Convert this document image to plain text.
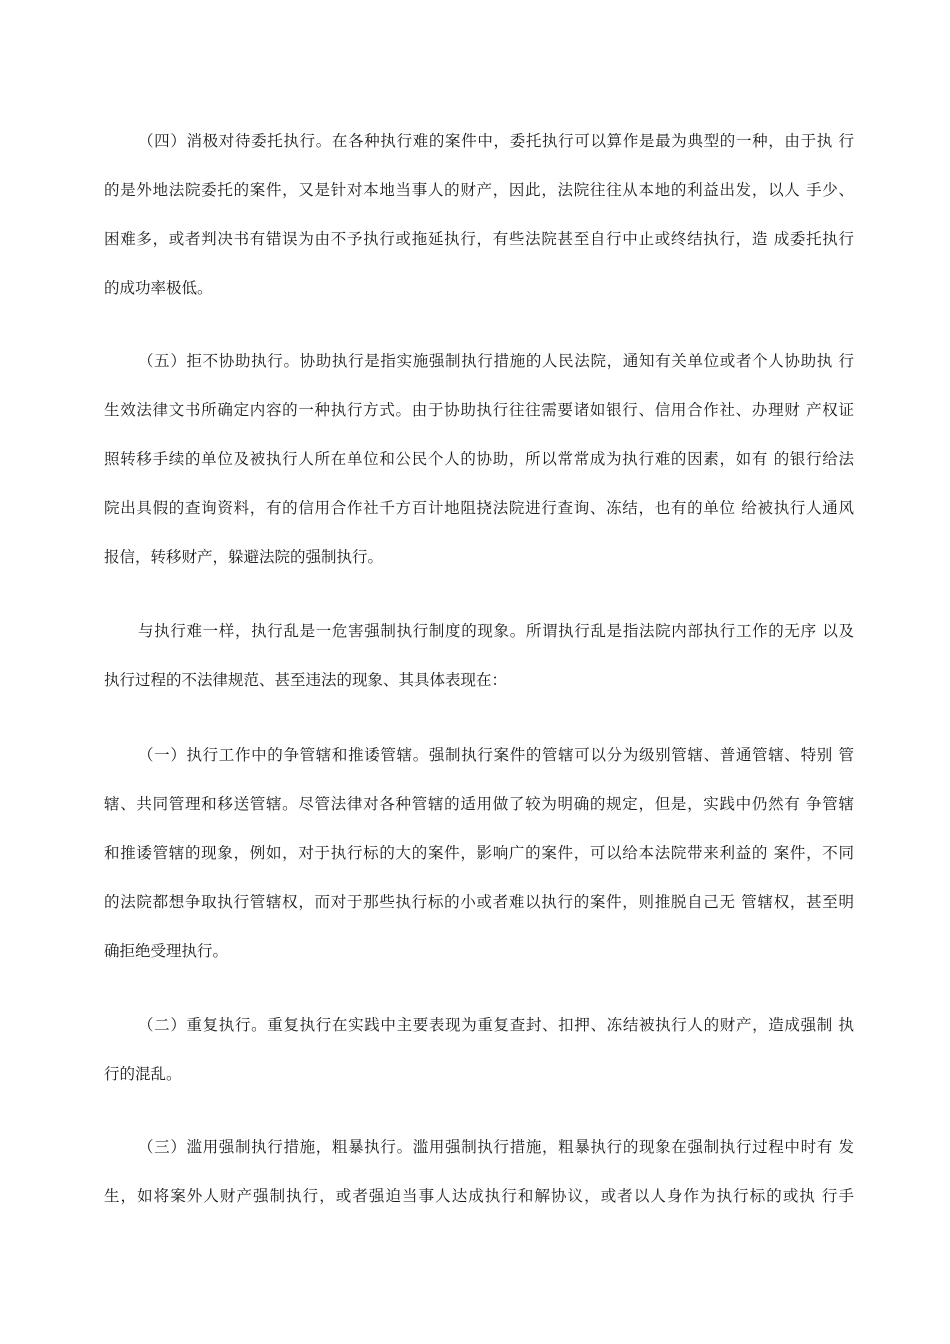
（四）消极对待委托执行。在各种执行难的案件中，委托执行可以算作是最为典型的一种，由于执 行
的是外地法院委托的案件，又是针对本地当事人的财产，因此，法院往往从本地的利益出发，以人 手少、
困难多，或者判决书有错误为由不予执行或拖延执行，有些法院甚至自行中止或终结执行，造 成委托执行
的成功率极低。
（五）拒不协助执行。协助执行是指实施强制执行措施的人民法院，通知有关单位或者个人协助执 行
生效法律文书所确定内容的一种执行方式。由于协助执行往往需要诸如银行、信用合作社、办理财 产权证
照转移手续的单位及被执行人所在单位和公民个人的协助，所以常常成为执行难的因素，如有 的银行给法
院出具假的查询资料，有的信用合作社千方百计地阻挠法院进行查询、冻结，也有的单位 给被执行人通风
报信，转移财产，躲避法院的强制执行。
与执行难一样，执行乱是一危害强制执行制度的现象。所谓执行乱是指法院内部执行工作的无序 以及
执行过程的不法律规范、甚至违法的现象、其具体表现在：
（一）执行工作中的争管辖和推诿管辖。强制执行案件的管辖可以分为级别管辖、普通管辖、特别 管
辖、共同管理和移送管辖。尽管法律对各种管辖的适用做了较为明确的规定，但是，实践中仍然有 争管辖
和推诿管辖的现象，例如，对于执行标的大的案件，影响广的案件，可以给本法院带来利益的 案件，不同
的法院都想争取执行管辖权，而对于那些执行标的小或者难以执行的案件，则推脱自己无 管辖权，甚至明
确拒绝受理执行。
（二）重复执行。重复执行在实践中主要表现为重复查封、扣押、冻结被执行人的财产，造成强制 执
行的混乱。
（三）滥用强制执行措施，粗暴执行。滥用强制执行措施，粗暴执行的现象在强制执行过程中时有 发
生，如将案外人财产强制执行，或者强迫当事人达成执行和解协议，或者以人身作为执行标的或执 行手
